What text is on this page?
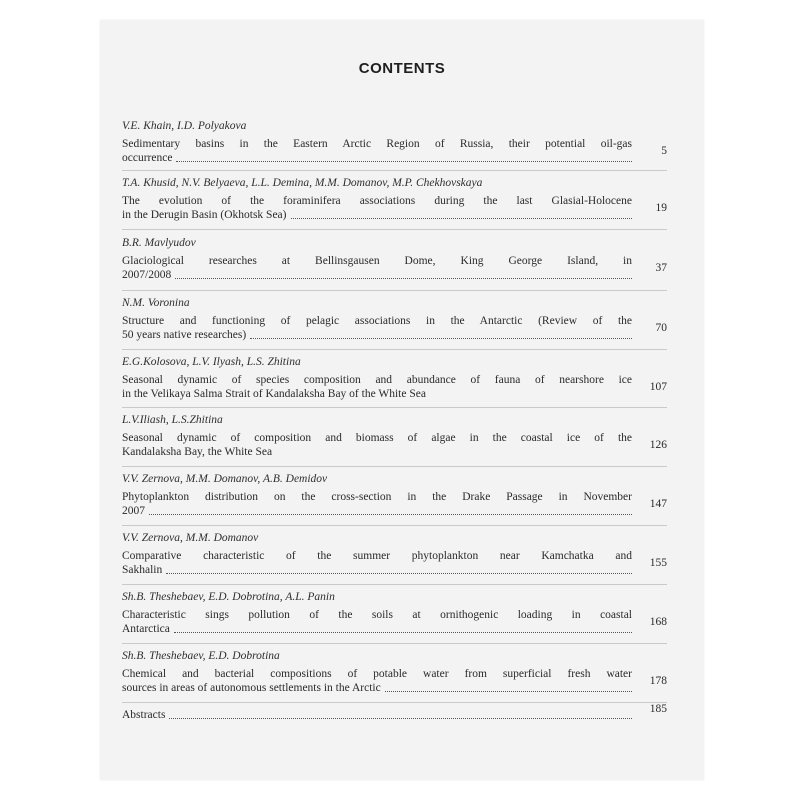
CONTENTS
V.E. Khain, I.D. Polyakova
Sedimentary basins in the Eastern Arctic Region of Russia, their potential oil-gas
occurrence
5
T.A. Khusid, N.V. Belyaeva, L.L. Demina, M.M. Domanov, M.P. Chekhovskaya
The evolution of the foraminifera associations during the last Glasial-Holocene
in the Derugin Basin (Okhotsk Sea)
19
B.R. Mavlyudov
Glaciological researches at Bellinsgausen Dome, King George Island, in
2007/2008
37
N.M. Voronina
Structure and functioning of pelagic associations in the Antarctic (Review of the
50 years native researches)
70
E.G.Kolosova, L.V. Ilyash, L.S. Zhitina
Seasonal dynamic of species composition and abundance of fauna of nearshore ice
in the Velikaya Salma Strait of Kandalaksha Bay of the White Sea
107
L.V.Iliash, L.S.Zhitina
Seasonal dynamic of composition and biomass of algae in the coastal ice of the
Kandalaksha Bay, the White Sea
126
V.V. Zernova, M.M. Domanov, A.B. Demidov
Phytoplankton distribution on the cross-section in the Drake Passage in November
2007
147
V.V. Zernova, M.M. Domanov
Comparative characteristic of the summer phytoplankton near Kamchatka and
Sakhalin
155
Sh.B. Theshebaev, E.D. Dobrotina, A.L. Panin
Characteristic sings pollution of the soils at ornithogenic loading in coastal
Antarctica
168
Sh.B. Theshebaev, E.D. Dobrotina
Chemical and bacterial compositions of potable water from superficial fresh water
sources in areas of autonomous settlements in the Arctic
178
Abstracts	185
